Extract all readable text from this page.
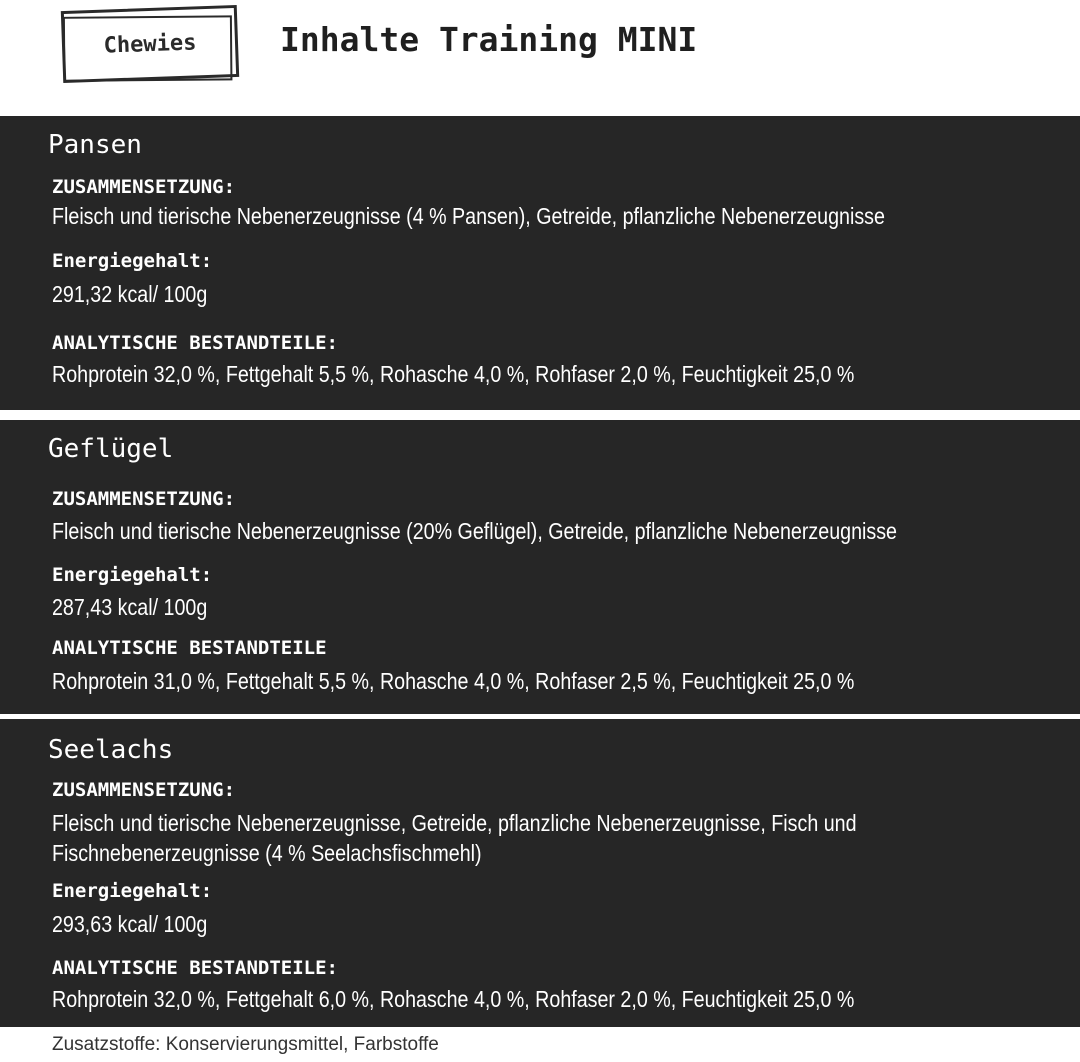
Chewies	Inhalte Training MINI
Pansen
ZUSAMMENSETZUNG:
Fleisch und tierische Nebenerzeugnisse (4 % Pansen), Getreide, pflanzliche Nebenerzeugnisse
Energiegehalt:
291,32 kcal/ 100g
ANALYTISCHE BESTANDTEILE:
Rohprotein 32,0 %, Fettgehalt 5,5 %, Rohasche 4,0 %, Rohfaser 2,0 %, Feuchtigkeit 25,0 %
Geflügel
ZUSAMMENSETZUNG:
Fleisch und tierische Nebenerzeugnisse (20% Geflügel), Getreide, pflanzliche Nebenerzeugnisse
Energiegehalt:
287,43 kcal/ 100g
ANALYTISCHE BESTANDTEILE
Rohprotein 31,0 %, Fettgehalt 5,5 %, Rohasche 4,0 %, Rohfaser 2,5 %, Feuchtigkeit 25,0 %
Seelachs
ZUSAMMENSETZUNG:
Fleisch und tierische Nebenerzeugnisse, Getreide, pflanzliche Nebenerzeugnisse, Fisch und Fischnebenerzeugnisse (4 % Seelachsfischmehl)
Energiegehalt:
293,63 kcal/ 100g
ANALYTISCHE BESTANDTEILE:
Rohprotein 32,0 %, Fettgehalt 6,0 %, Rohasche 4,0 %, Rohfaser 2,0 %, Feuchtigkeit 25,0 %
Zusatzstoffe: Konservierungsmittel, Farbstoffe
